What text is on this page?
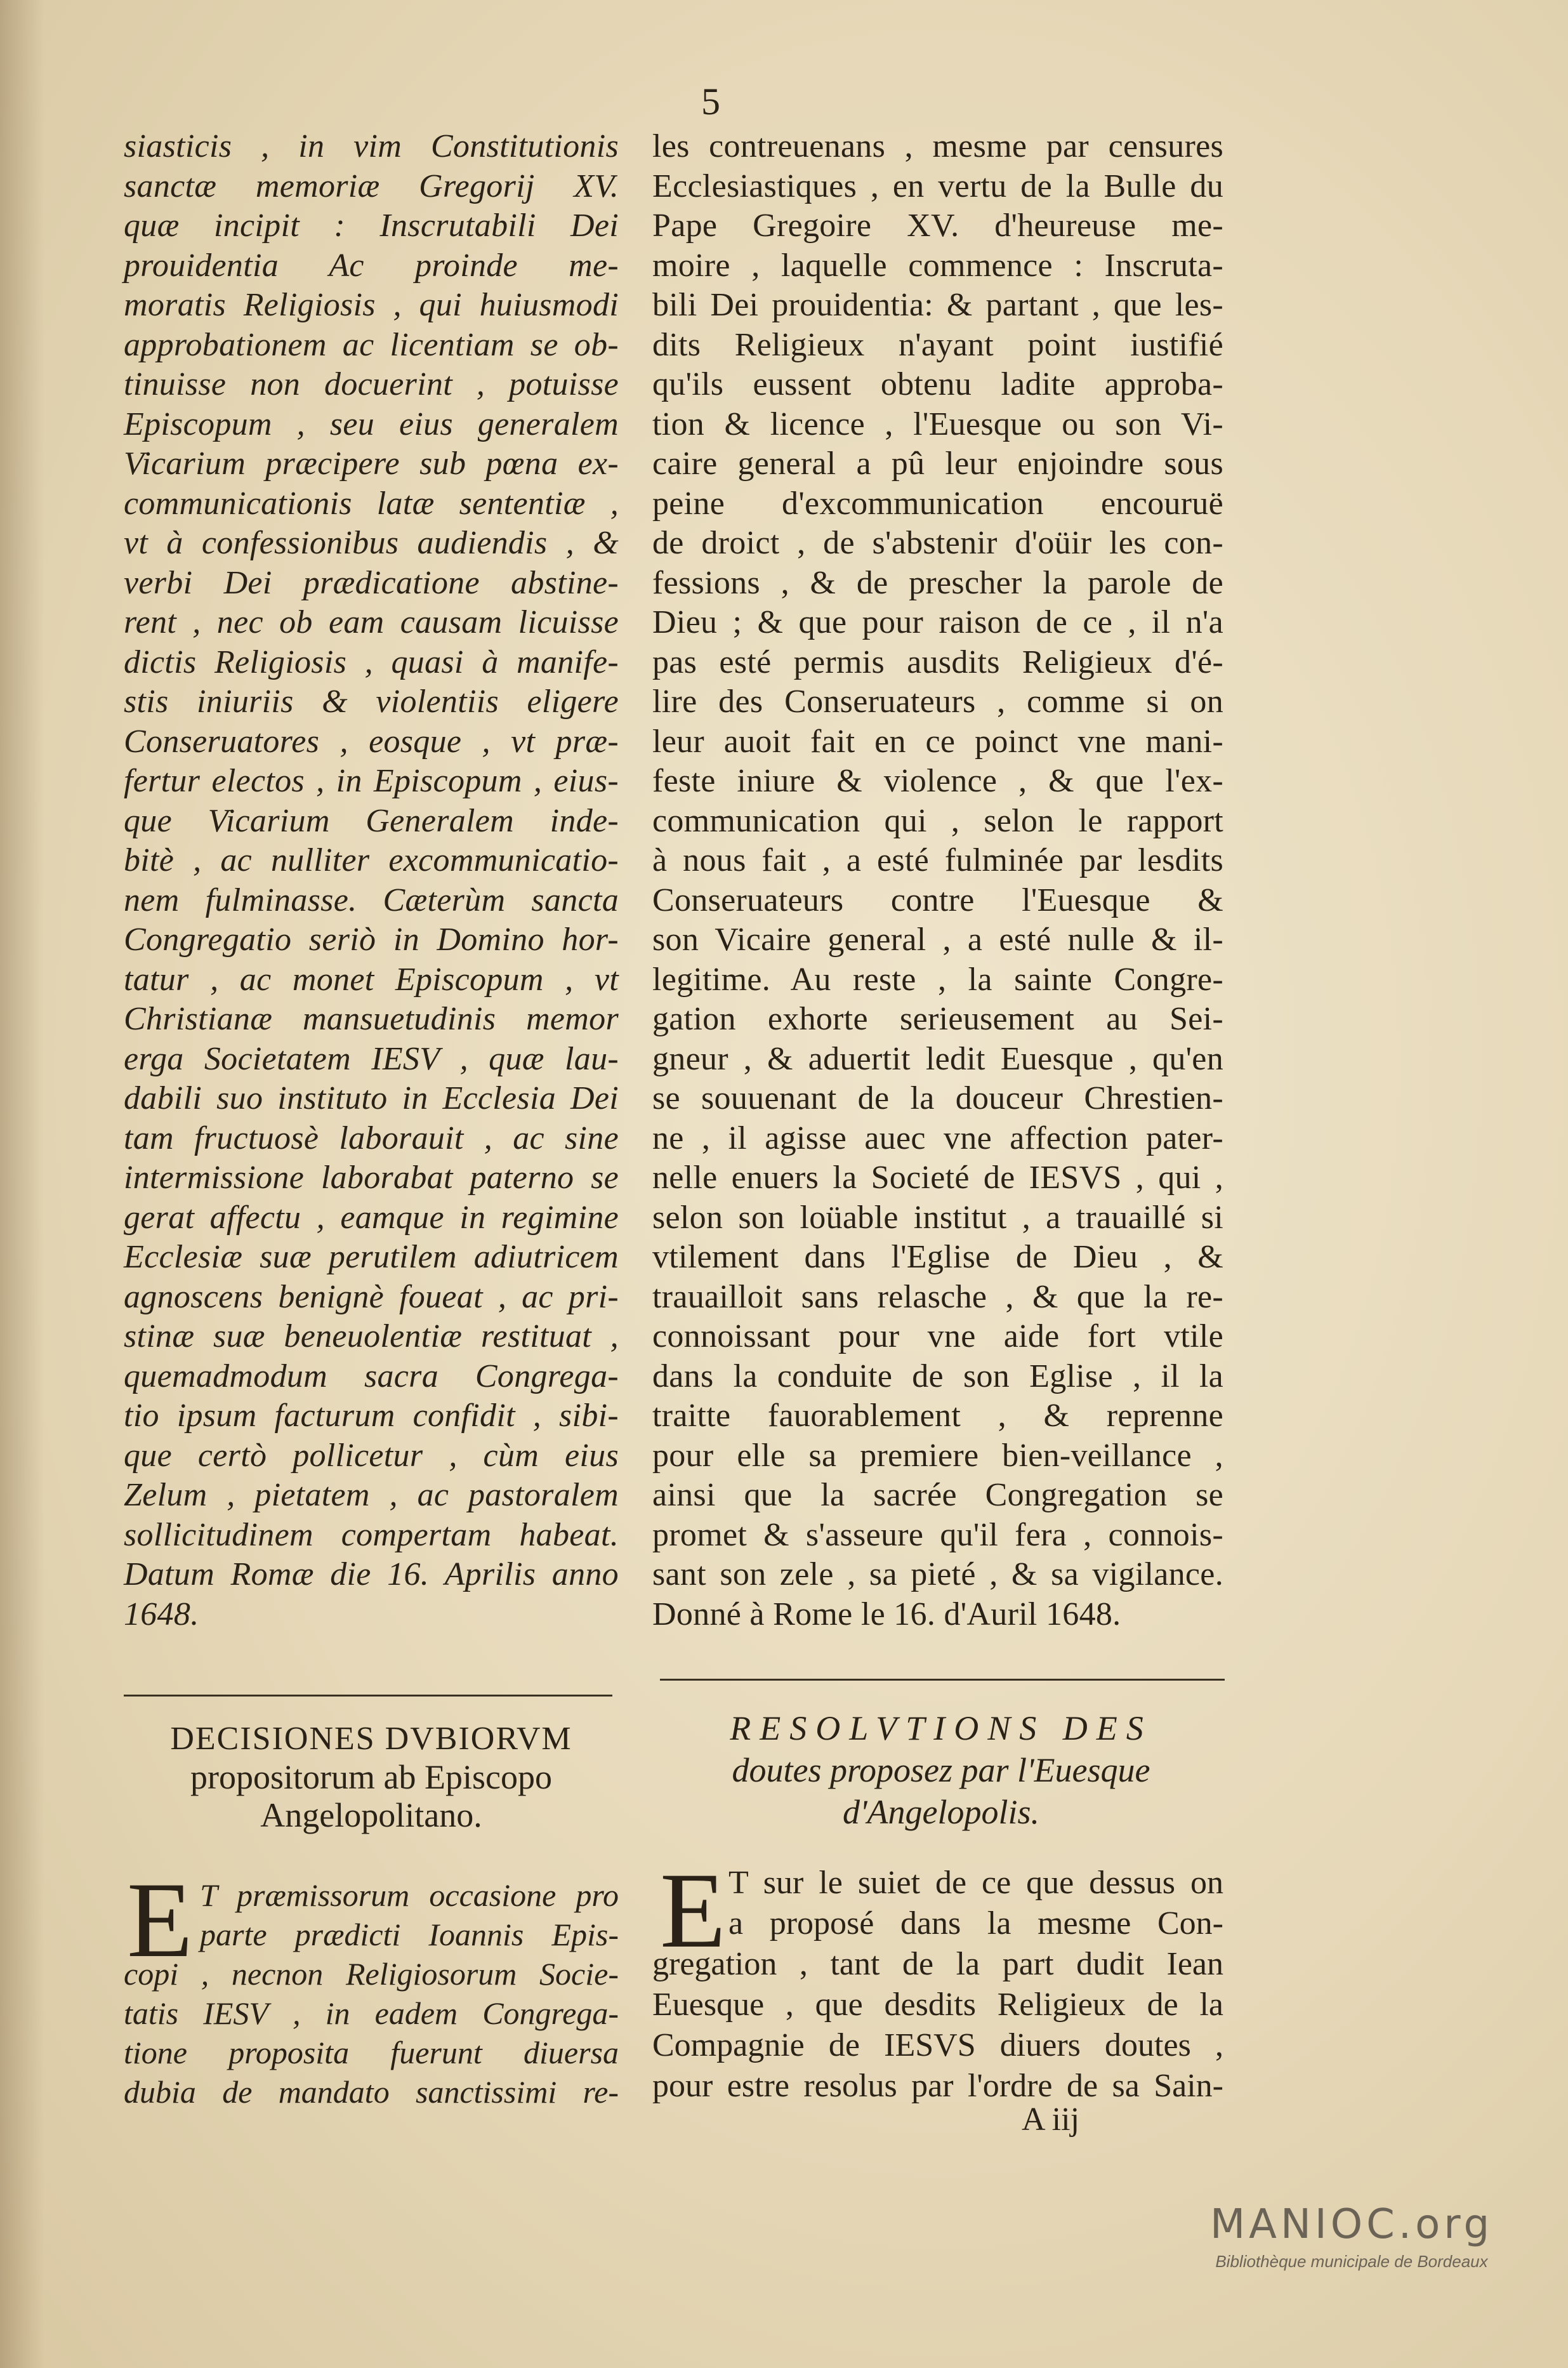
5
siasticis , in vim Constitutionis
sanctæ memoriæ Gregorij XV.
quæ incipit : Inscrutabili Dei
prouidentia Ac proinde me-
moratis Religiosis , qui huiusmodi
approbationem ac licentiam se ob-
tinuisse non docuerint , potuisse
Episcopum , seu eius generalem
Vicarium præcipere sub pœna ex-
communicationis latæ sententiæ ,
vt à confessionibus audiendis , &
verbi Dei prædicatione abstine-
rent , nec ob eam causam licuisse
dictis Religiosis , quasi à manife-
stis iniuriis & violentiis eligere
Conseruatores , eosque , vt præ-
fertur electos , in Episcopum , eius-
que Vicarium Generalem inde-
bitè , ac nulliter excommunicatio-
nem fulminasse. Cæterùm sancta
Congregatio seriò in Domino hor-
tatur , ac monet Episcopum , vt
Christianæ mansuetudinis memor
erga Societatem IESV , quæ lau-
dabili suo instituto in Ecclesia Dei
tam fructuosè laborauit , ac sine
intermissione laborabat paterno se
gerat affectu , eamque in regimine
Ecclesiæ suæ perutilem adiutricem
agnoscens benignè foueat , ac pri-
stinæ suæ beneuolentiæ restituat ,
quemadmodum sacra Congrega-
tio ipsum facturum confidit , sibi-
que certò pollicetur , cùm eius
Zelum , pietatem , ac pastoralem
sollicitudinem compertam habeat.
Datum Romæ die 16. Aprilis anno
1648.
les contreuenans , mesme par censures
Ecclesiastiques , en vertu de la Bulle du
Pape Gregoire XV. d'heureuse me-
moire , laquelle commence : Inscruta-
bili Dei prouidentia: & partant , que les-
dits Religieux n'ayant point iustifié
qu'ils eussent obtenu ladite approba-
tion & licence , l'Euesque ou son Vi-
caire general a pû leur enjoindre sous
peine d'excommunication encouruë
de droict , de s'abstenir d'oüir les con-
fessions , & de prescher la parole de
Dieu ; & que pour raison de ce , il n'a
pas esté permis ausdits Religieux d'é-
lire des Conseruateurs , comme si on
leur auoit fait en ce poinct vne mani-
feste iniure & violence , & que l'ex-
communication qui , selon le rapport
à nous fait , a esté fulminée par lesdits
Conseruateurs contre l'Euesque &
son Vicaire general , a esté nulle & il-
legitime. Au reste , la sainte Congre-
gation exhorte serieusement au Sei-
gneur , & aduertit ledit Euesque , qu'en
se souuenant de la douceur Chrestien-
ne , il agisse auec vne affection pater-
nelle enuers la Societé de IESVS , qui ,
selon son loüable institut , a trauaillé si
vtilement dans l'Eglise de Dieu , &
trauailloit sans relasche , & que la re-
connoissant pour vne aide fort vtile
dans la conduite de son Eglise , il la
traitte fauorablement , & reprenne
pour elle sa premiere bien-veillance ,
ainsi que la sacrée Congregation se
promet & s'asseure qu'il fera , connois-
sant son zele , sa pieté , & sa vigilance.
Donné à Rome le 16. d'Auril 1648.
DECISIONES DVBIORVM
propositorum ab Episcopo
Angelopolitano.
RESOLVTIONS DES
doutes proposez par l'Euesque
d'Angelopolis.
E T præmissorum occasione pro
parte prædicti Ioannis Epis-
copi , necnon Religiosorum Socie-
tatis IESV , in eadem Congrega-
tione proposita fuerunt diuersa
dubia de mandato sanctissimi re-
E T sur le suiet de ce que dessus on
a proposé dans la mesme Con-
gregation , tant de la part dudit Iean
Euesque , que desdits Religieux de la
Compagnie de IESVS diuers doutes ,
pour estre resolus par l'ordre de sa Sain-
A iij
MANIOC.org
Bibliothèque municipale de Bordeaux
